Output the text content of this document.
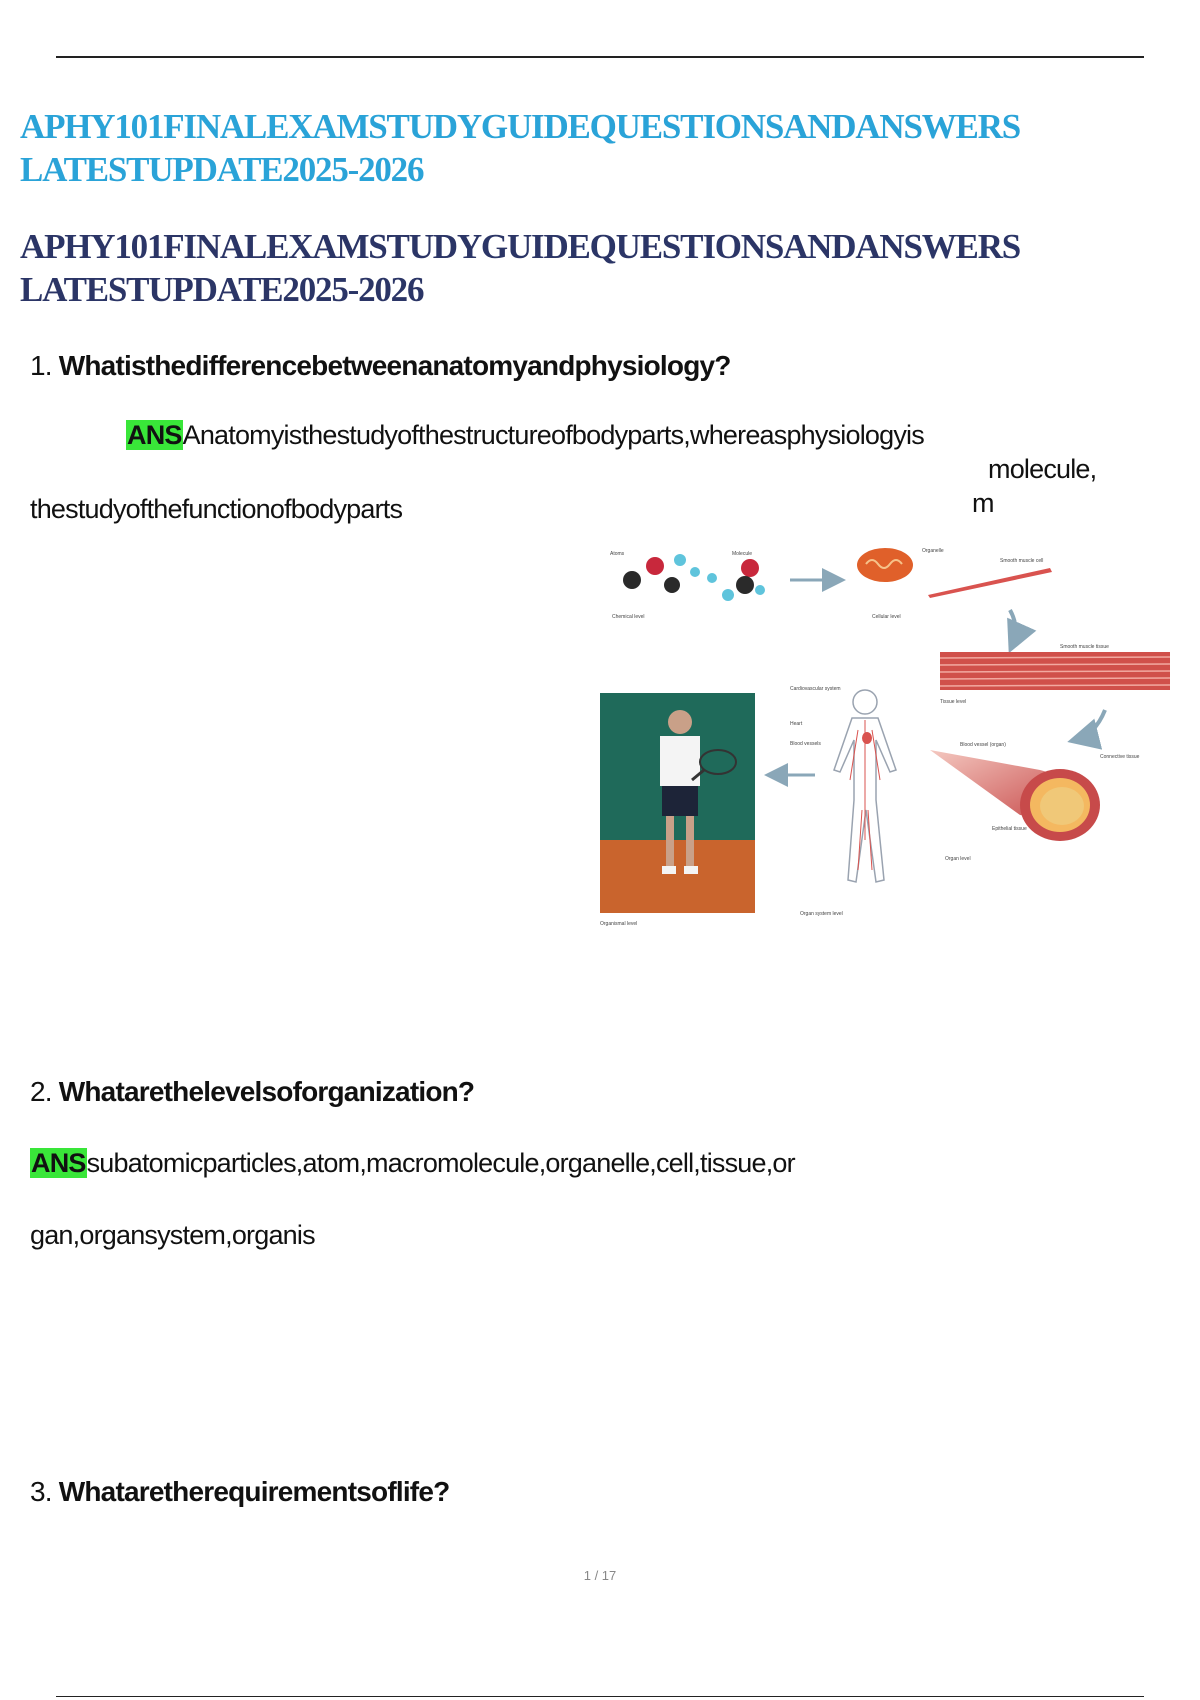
APHY101FINALEXAMSTUDYGUIDEQUESTIONSANDANSWERS
LATESTUPDATE2025-2026
APHY101FINALEXAMSTUDYGUIDEQUESTIONSANDANSWERS
LATESTUPDATE2025-2026

1. Whatisthedifferencebetweenanatomyandphysiology?

ANSAnatomyisthestudyofthestructureofbodyparts,whereasphysiologyis
molecule,
thestudyofthefunctionofbodyparts	m
Atoms	Molecule
Chemical level
Organelle
Smooth muscle cell
Cellular level
Smooth muscle tissue
Tissue level
Blood vessel (organ)
Connective tissue
Epithelial tissue
Organ level
Cardiovascular system
Heart
Blood vessels
Organ system level
Organismal level

2. Whatarethelevelsoforganization?

ANSsubatomicparticles,atom,macromolecule,organelle,cell,tissue,or
gan,organsystem,organis

3. Whataretherequirementsoflife?

1 / 17
